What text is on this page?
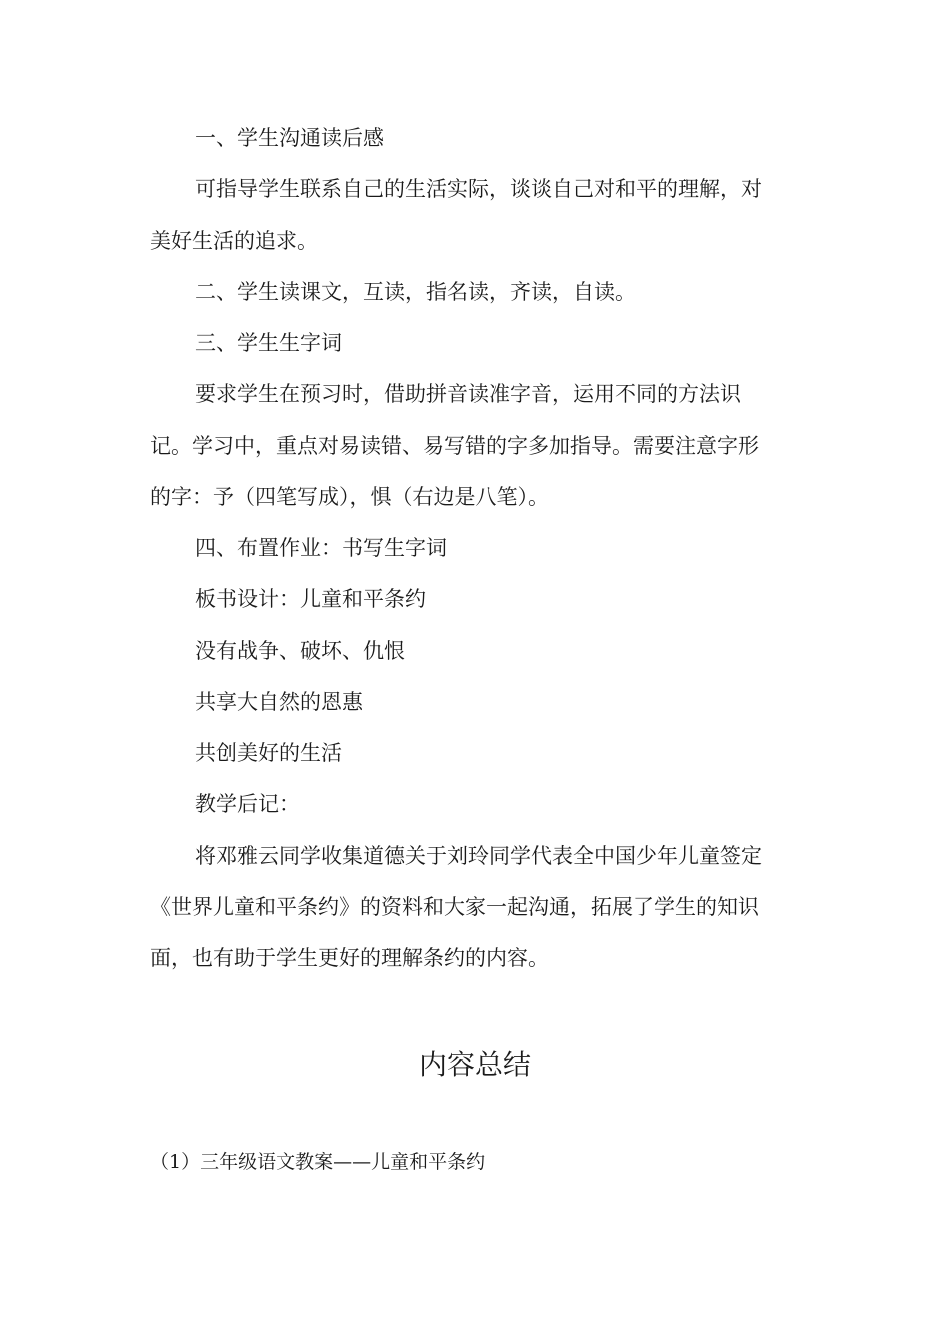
一、学生沟通读后感
可指导学生联系自己的生活实际，谈谈自己对和平的理解，对
美好生活的追求。
二、学生读课文，互读，指名读，齐读，自读。
三、学生生字词
要求学生在预习时，借助拼音读准字音，运用不同的方法识
记。学习中，重点对易读错、易写错的字多加指导。需要注意字形
的字：予（四笔写成），惧（右边是八笔）。
四、布置作业：书写生字词
板书设计：儿童和平条约
没有战争、破坏、仇恨
共享大自然的恩惠
共创美好的生活
教学后记：
将邓雅云同学收集道德关于刘玲同学代表全中国少年儿童签定
《世界儿童和平条约》的资料和大家一起沟通，拓展了学生的知识
面，也有助于学生更好的理解条约的内容。
内容总结
（1）三年级语文教案——儿童和平条约
